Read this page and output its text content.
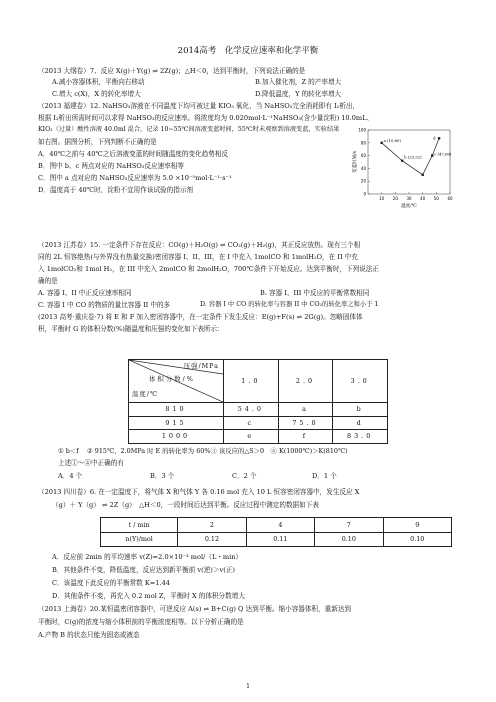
2014高考　化学反应速率和化学平衡
（2013 大纲卷）7、反应 X(g)＋Y(g) ⇌ 2Z(g)；△H＜0，达到平衡时，下列说法正确的是
A.减小容器体积，平衡向右移动	B.加入催化剂，Z 的产率增大
C.增大 c(X)，X 的转化率增大	D.降低温度，Y 的转化率增大
（2013 福建卷）12. NaHSO₃溶液在不同温度下均可被过量 KIO₃ 氧化，当 NaHSO₃完全消耗即有 I₂析出，
根据 I₂析出所需时间可以求得 NaHSO₃的反应速率。将浓度均为 0.020mol·L⁻¹NaHSO₃(含少量淀粉) 10.0mL、
KIO₃（过量）酸性溶液 40.0ml 混合，记录 10~55℃间溶液变蓝时间，55℃时未观察到溶液变蓝，实验结果
如右图。据图分析，下列判断不正确的是
A．40℃之前与 40℃之后溶液变蓝的时间随温度的变化趋势相反
B．图中 b、c 两点对应的 NaHSO₃反应速率相等
C．图中 a 点对应的 NaHSO₃反应速率为 5.0 ×10⁻⁵mol·L⁻¹·s⁻¹
D．温度高于 40℃时，淀粉不宜用作该试验的指示剂
10 20 30 40 50 60
0
20
40
60
80
100
温度/℃
变蓝时间/s
a (10,80)
b (25,52)
c (47,60)
d
（2013 江苏卷）15. 一定条件下存在反应：CO(g)＋H₂O(g) ⇌ CO₂(g)＋H₂(g)，其正反应放热。现有三个相
同的 2L 恒容绝热(与外界没有热量交换)密闭容器 I、II、III，在 I 中充入 1molCO 和 1molH₂O，在 II 中充
入 1molCO₂和 1mol H₂，在 III 中充入 2molCO 和 2molH₂O，700℃条件下开始反应。达到平衡时，下列说法正
确的是
A. 容器 I、II 中正反应速率相同	B. 容器 I、III 中反应的平衡常数相同
C. 容器 I 中 CO 的物质的量比容器 II 中的多	D. 容器 I 中 CO 的转化率与容器 II 中 CO₂的转化率之和小于 1
(2013 高考·重庆卷·7) 将 E 和 F 加入密闭容器中，在一定条件下发生反应：E(g)+F(s) ⇌ 2G(g)。忽略固体体
积，平衡时 G 的体积分数(%)随温度和压强的变化如下表所示：
压强/MPa
体积分数/%
温度/℃	1.0	2.0	3.0
810	54.0	a	b
915	c	75.0	d
1000	e	f	83.0
① b＜f　 ② 915℃、2.0MPa 时 E 的转化率为 60%③ 该反应的△S＞0　④ K(1000℃)＞K(810℃)
上述①～④中正确的有
A．4 个	B．3 个	C．2 个	D．1 个
（2013 四川卷）6. 在一定温度下，将气体 X 和气体 Y 各 0.16 mol 充入 10 L 恒容密闭容器中，发生反应 X
（g）＋ Y（g） ⇌ 2Z（g）　△H＜0，一段时间后达到平衡。反应过程中测定的数据如下表
t / min	2	4	7	9
n(Y)/mol	0.12	0.11	0.10	0.10
A．反应前 2min 的平均速率 v(Z)=2.0×10⁻³ mol/（L・min）
B．其他条件不变，降低温度，反应达到新平衡前 v(逆)＞v(正)
C．该温度下此反应的平衡常数 K=1.44
D．其他条件不变，再充入 0.2 mol Z，平衡时 X 的体积分数增大
（2013 上海卷）20.某恒温密闭容器中，可逆反应 A(s) ⇌ B+C(g) Q 达到平衡。缩小容器体积，重新达到
平衡时，C(g)的浓度与缩小体积前的平衡浓度相等。以下分析正确的是
A.产物 B 的状态只能为固态或液态
1
